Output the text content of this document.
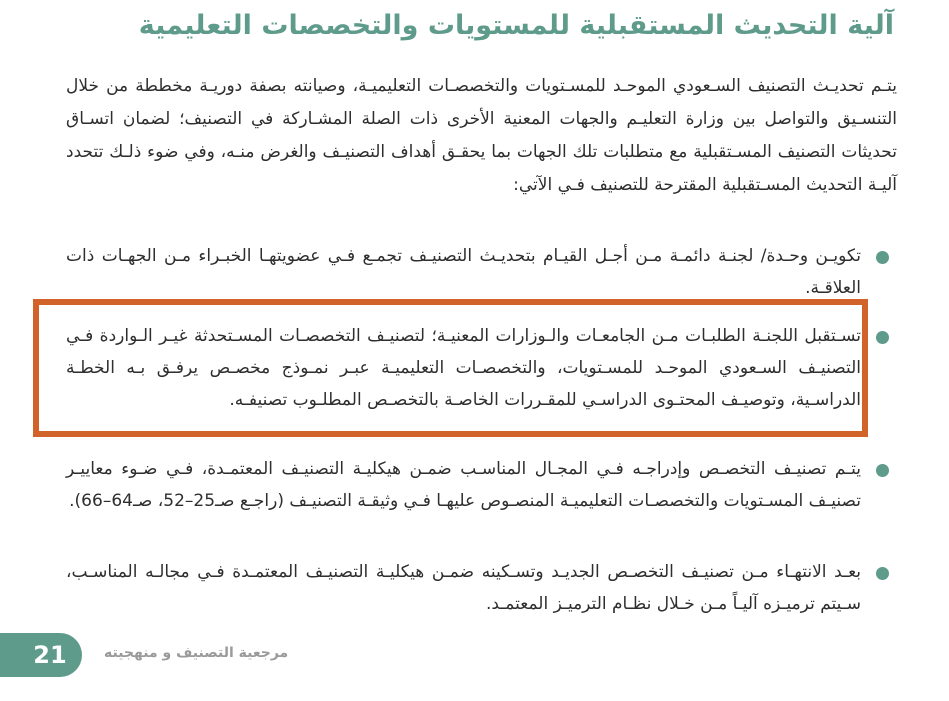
آلية التحديث المستقبلية للمستويات والتخصصات التعليمية
يتـم تحديـث التصنيف السـعودي الموحـد للمسـتويات والتخصصـات التعليميـة، وصيانته بصفة دوريـة مخططة من خلال التنسـيق والتواصل بين وزارة التعليـم والجهات المعنية الأخرى ذات الصلة المشـاركة في التصنيف؛ لضمان اتسـاق تحديثات التصنيف المسـتقبلية مع متطلبات تلك الجهات بما يحقـق أهداف التصنيـف والغرض منـه، وفي ضوء ذلـك تتحدد آليـة التحديث المسـتقبلية المقترحة للتصنيف فـي الآتي:
تكويـن وحـدة/ لجنـة دائمـة مـن أجـل القيـام بتحديـث التصنيـف تجمـع فـي عضويتهـا الخبـراء مـن الجهـات ذات العلاقـة.
تسـتقبل اللجنـة الطلبـات مـن الجامعـات والـوزارات المعنيـة؛ لتصنيـف التخصصـات المسـتحدثة غيـر الـواردة فـي التصنيـف السـعودي الموحـد للمسـتويات، والتخصصـات التعليميـة عبـر نمـوذج مخصـص يرفـق بـه الخطـة الدراسـية، وتوصيـف المحتـوى الدراسـي للمقـررات الخاصـة بالتخصـص المطلـوب تصنيفـه.
يتـم تصنيـف التخصـص وإدراجـه فـي المجـال المناسـب ضمـن هيكليـة التصنيـف المعتمـدة، فـي ضـوء معاييـر تصنيـف المسـتويات والتخصصـات التعليميـة المنصـوص عليهـا فـي وثيقـة التصنيـف (راجـع صـ25–52، صـ64–66).
بعـد الانتهـاء مـن تصنيـف التخصـص الجديـد وتسـكينه ضمـن هيكليـة التصنيـف المعتمـدة فـي مجالـه المناسـب، سـيتم ترميـزه آليـاً مـن خـلال نظـام الترميـز المعتمـد.
21	مرجعية التصنيف و منهجيته
